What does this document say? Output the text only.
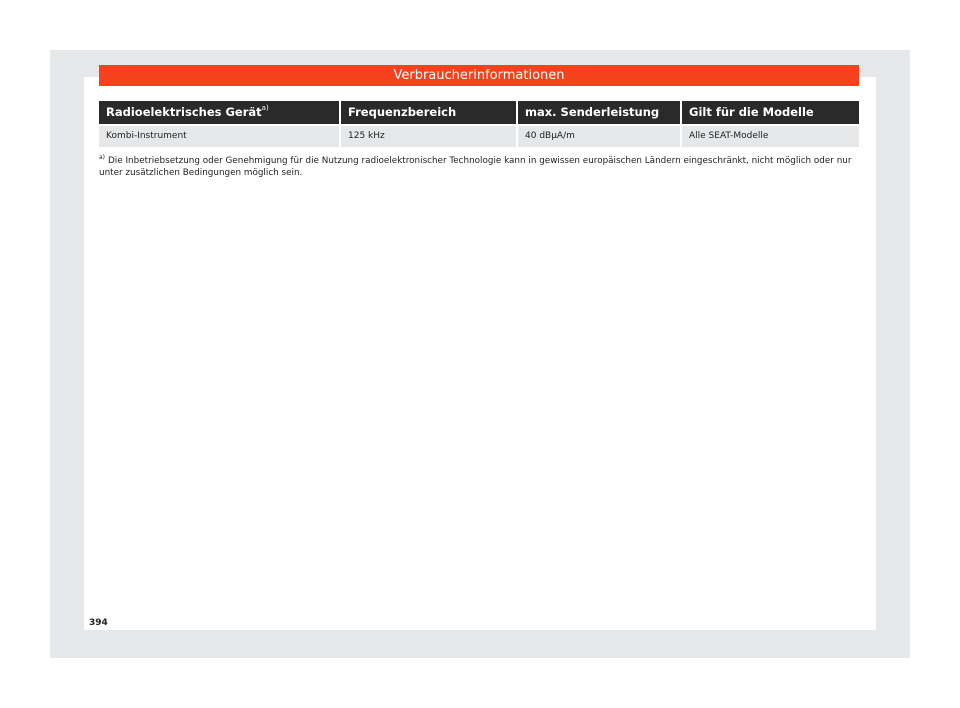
Verbraucherinformationen
Radioelektrisches Gerät$^{a)}$	Frequenzbereich	max. Senderleistung	Gilt für die Modelle
Kombi-Instrument	125 kHz	40 dBµA/m	Alle SEAT-Modelle
$^{a)}$ Die Inbetriebsetzung oder Genehmigung für die Nutzung radioelektronischer Technologie kann in gewissen europäischen Ländern eingeschränkt, nicht möglich oder nur unter zusätzlichen Bedingungen möglich sein.
394
